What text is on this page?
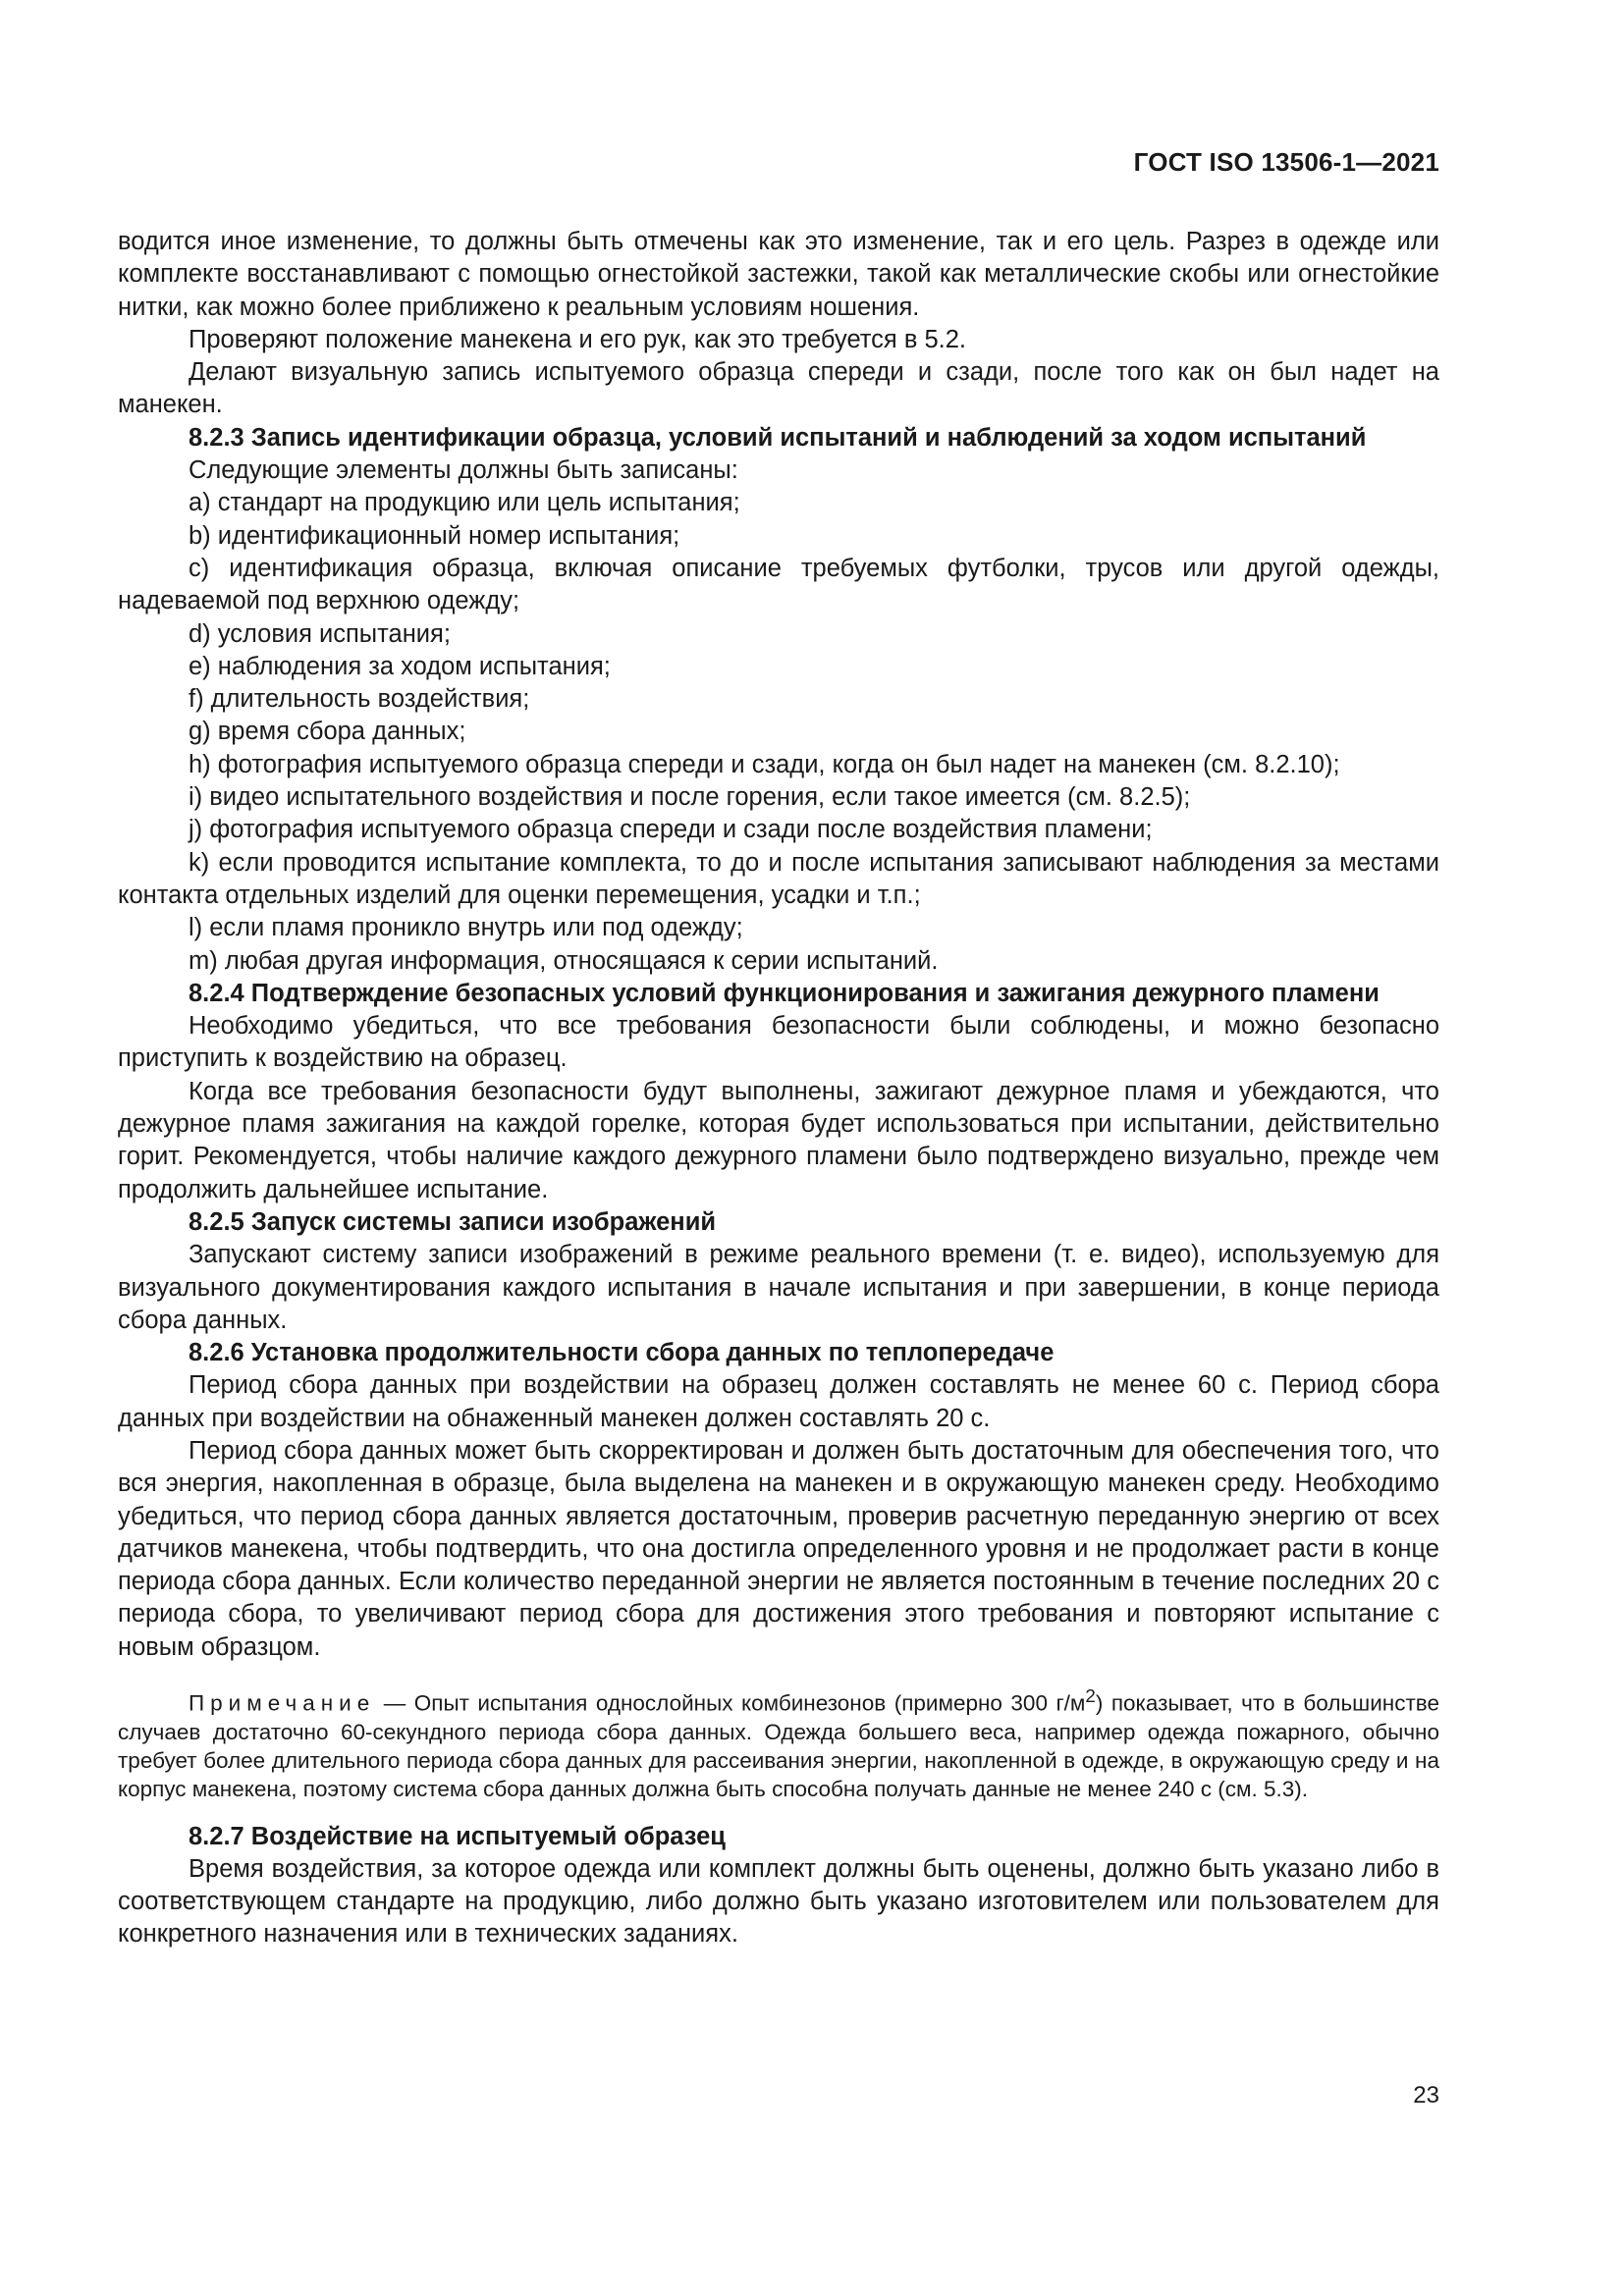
ГОСТ ISO 13506-1—2021

водится иное изменение, то должны быть отмечены как это изменение, так и его цель. Разрез в одежде или комплекте восстанавливают с помощью огнестойкой застежки, такой как металлические скобы или огнестойкие нитки, как можно более приближено к реальным условиям ношения.

Проверяют положение манекена и его рук, как это требуется в 5.2.

Делают визуальную запись испытуемого образца спереди и сзади, после того как он был надет на манекен.

8.2.3 Запись идентификации образца, условий испытаний и наблюдений за ходом испытаний

Следующие элементы должны быть записаны:

a) стандарт на продукцию или цель испытания;

b) идентификационный номер испытания;

c) идентификация образца, включая описание требуемых футболки, трусов или другой одежды, надеваемой под верхнюю одежду;

d) условия испытания;

e) наблюдения за ходом испытания;

f) длительность воздействия;

g) время сбора данных;

h) фотография испытуемого образца спереди и сзади, когда он был надет на манекен (см. 8.2.10);

i) видео испытательного воздействия и после горения, если такое имеется (см. 8.2.5);

j) фотография испытуемого образца спереди и сзади после воздействия пламени;

k) если проводится испытание комплекта, то до и после испытания записывают наблюдения за местами контакта отдельных изделий для оценки перемещения, усадки и т.п.;

l) если пламя проникло внутрь или под одежду;

m) любая другая информация, относящаяся к серии испытаний.

8.2.4 Подтверждение безопасных условий функционирования и зажигания дежурного пламени

Необходимо убедиться, что все требования безопасности были соблюдены, и можно безопасно приступить к воздействию на образец.

Когда все требования безопасности будут выполнены, зажигают дежурное пламя и убеждаются, что дежурное пламя зажигания на каждой горелке, которая будет использоваться при испытании, действительно горит. Рекомендуется, чтобы наличие каждого дежурного пламени было подтверждено визуально, прежде чем продолжить дальнейшее испытание.

8.2.5 Запуск системы записи изображений

Запускают систему записи изображений в режиме реального времени (т. е. видео), используемую для визуального документирования каждого испытания в начале испытания и при завершении, в конце периода сбора данных.

8.2.6 Установка продолжительности сбора данных по теплопередаче

Период сбора данных при воздействии на образец должен составлять не менее 60 с. Период сбора данных при воздействии на обнаженный манекен должен составлять 20 с.

Период сбора данных может быть скорректирован и должен быть достаточным для обеспечения того, что вся энергия, накопленная в образце, была выделена на манекен и в окружающую манекен среду. Необходимо убедиться, что период сбора данных является достаточным, проверив расчетную переданную энергию от всех датчиков манекена, чтобы подтвердить, что она достигла определенного уровня и не продолжает расти в конце периода сбора данных. Если количество переданной энергии не является постоянным в течение последних 20 с периода сбора, то увеличивают период сбора для достижения этого требования и повторяют испытание с новым образцом.

Примечание — Опыт испытания однослойных комбинезонов (примерно 300 $г/м^2$) показывает, что в большинстве случаев достаточно 60-секундного периода сбора данных. Одежда большего веса, например одежда пожарного, обычно требует более длительного периода сбора данных для рассеивания энергии, накопленной в одежде, в окружающую среду и на корпус манекена, поэтому система сбора данных должна быть способна получать данные не менее 240 с (см. 5.3).

8.2.7 Воздействие на испытуемый образец

Время воздействия, за которое одежда или комплект должны быть оценены, должно быть указано либо в соответствующем стандарте на продукцию, либо должно быть указано изготовителем или пользователем для конкретного назначения или в технических заданиях.

23
